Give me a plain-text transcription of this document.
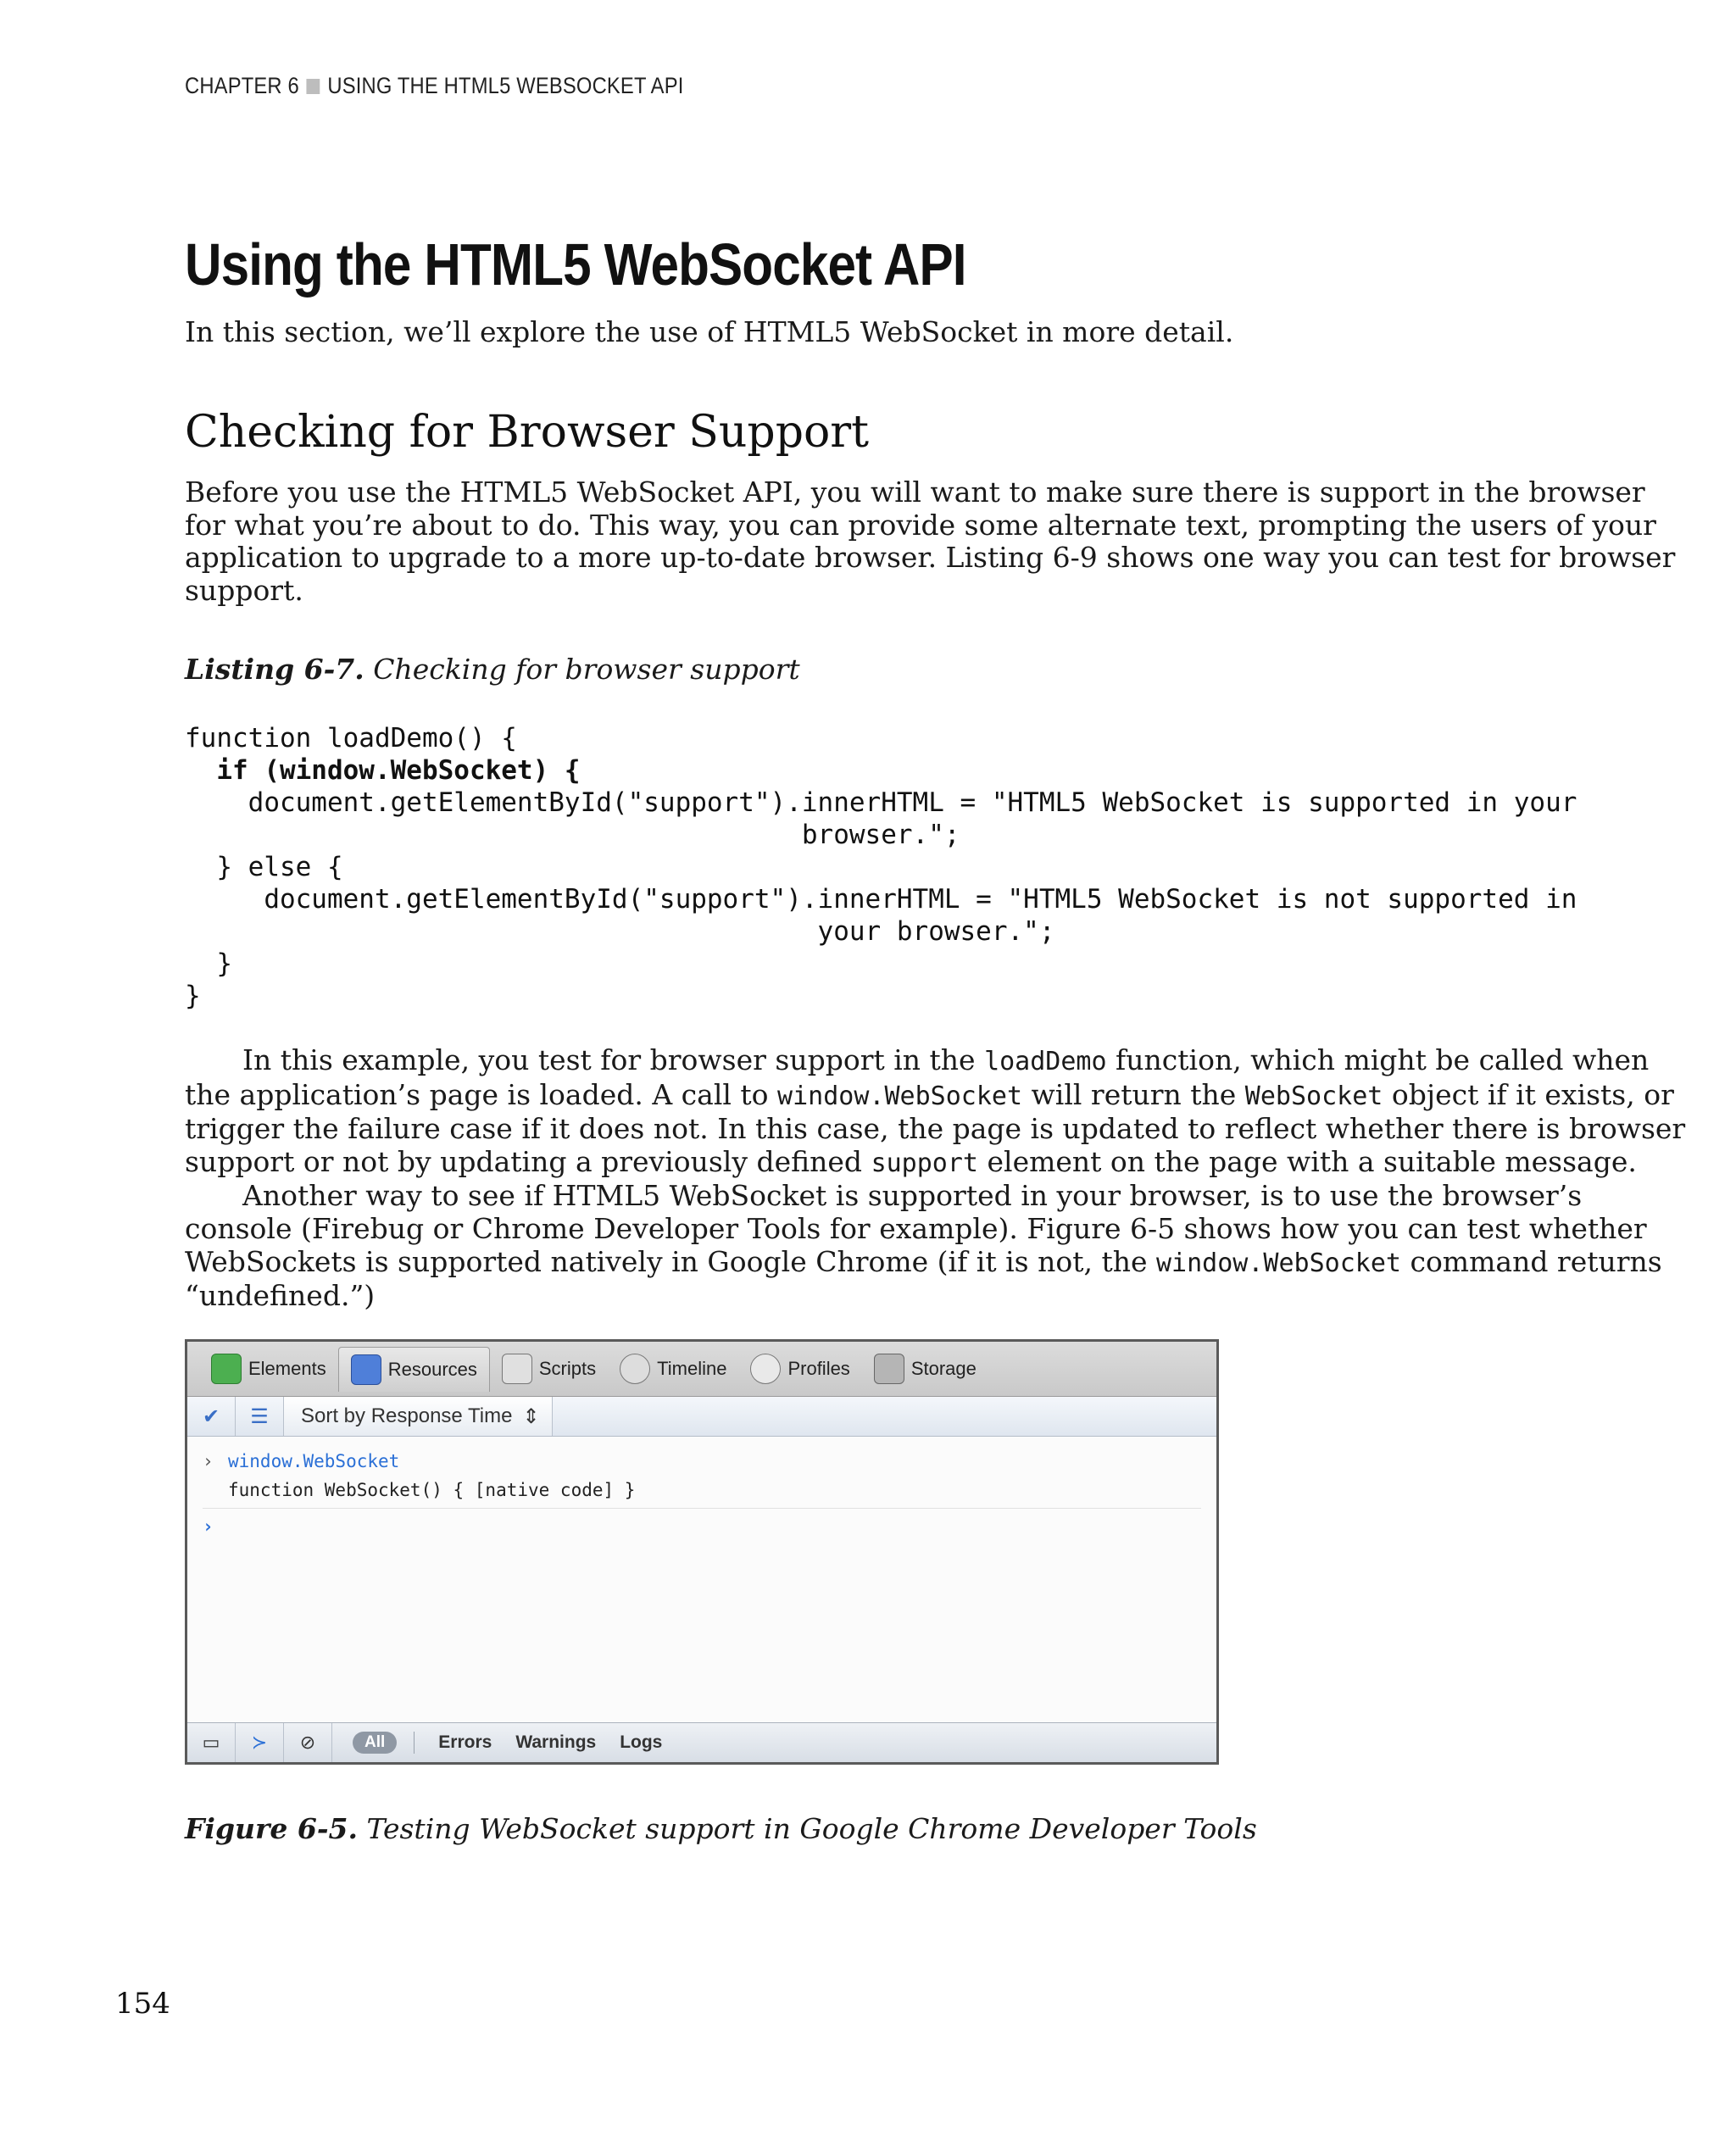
CHAPTER 6 USING THE HTML5 WEBSOCKET API
Using the HTML5 WebSocket API

In this section, we’ll explore the use of HTML5 WebSocket in more detail.

Checking for Browser Support
Before you use the HTML5 WebSocket API, you will want to make sure there is support in the browser
for what you’re about to do. This way, you can provide some alternate text, prompting the users of your
application to upgrade to a more up-to-date browser. Listing 6-9 shows one way you can test for browser
support.

Listing 6-7. Checking for browser support

function loadDemo() {
if (window.WebSocket) {
document.getElementById("support").innerHTML = "HTML5 WebSocket is supported in your
browser.";
} else {
document.getElementById("support").innerHTML = "HTML5 WebSocket is not supported in
your browser.";
}
}
In this example, you test for browser support in the loadDemo function, which might be called when
the application’s page is loaded. A call to window.WebSocket will return the WebSocket object if it exists, or
trigger the failure case if it does not. In this case, the page is updated to reflect whether there is browser
support or not by updating a previously defined support element on the page with a suitable message.
Another way to see if HTML5 WebSocket is supported in your browser, is to use the browser’s
console (Firebug or Chrome Developer Tools for example). Figure 6-5 shows how you can test whether
WebSockets is supported natively in Google Chrome (if it is not, the window.WebSocket command returns
“undefined.”)
Elements	Resources	Scripts	Timeline	Profiles	Storage
✔	☰	Sort by Response Time ⇕
› window.WebSocket
function WebSocket() { [native code] }
›
▭	≻	⊘	All	Errors Warnings Logs

Figure 6-5. Testing WebSocket support in Google Chrome Developer Tools

154
